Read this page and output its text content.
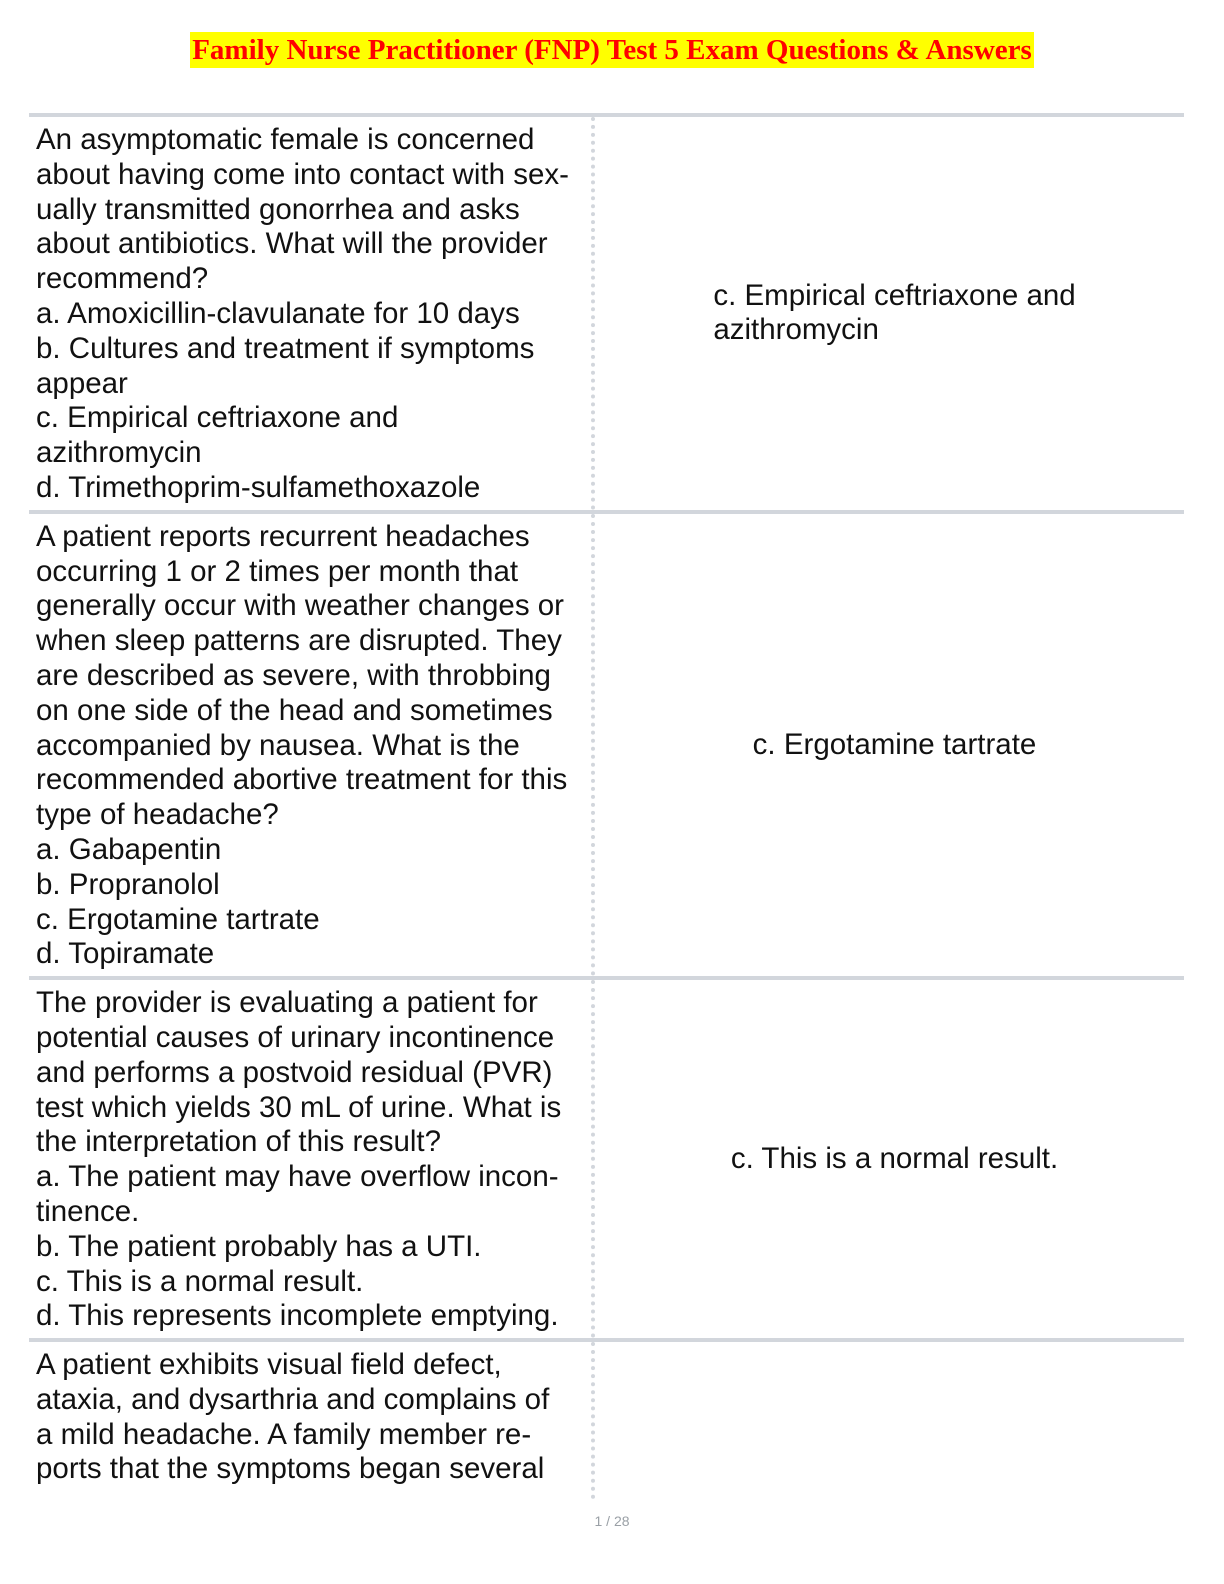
Family Nurse Practitioner (FNP) Test 5 Exam Questions & Answers
An asymptomatic female is concerned
about having come into contact with sex-
ually transmitted gonorrhea and asks
about antibiotics. What will the provider
recommend?
a. Amoxicillin-clavulanate for 10 days
b. Cultures and treatment if symptoms
appear
c. Empirical ceftriaxone and
azithromycin
d. Trimethoprim-sulfamethoxazole
c. Empirical ceftriaxone and
azithromycin
A patient reports recurrent headaches
occurring 1 or 2 times per month that
generally occur with weather changes or
when sleep patterns are disrupted. They
are described as severe, with throbbing
on one side of the head and sometimes
accompanied by nausea. What is the
recommended abortive treatment for this
type of headache?
a. Gabapentin
b. Propranolol
c. Ergotamine tartrate
d. Topiramate
c. Ergotamine tartrate
The provider is evaluating a patient for
potential causes of urinary incontinence
and performs a postvoid residual (PVR)
test which yields 30 mL of urine. What is
the interpretation of this result?
a. The patient may have overflow incon-
tinence.
b. The patient probably has a UTI.
c. This is a normal result.
d. This represents incomplete emptying.
c. This is a normal result.
A patient exhibits visual field defect,
ataxia, and dysarthria and complains of
a mild headache. A family member re-
ports that the symptoms began several
1 / 28
